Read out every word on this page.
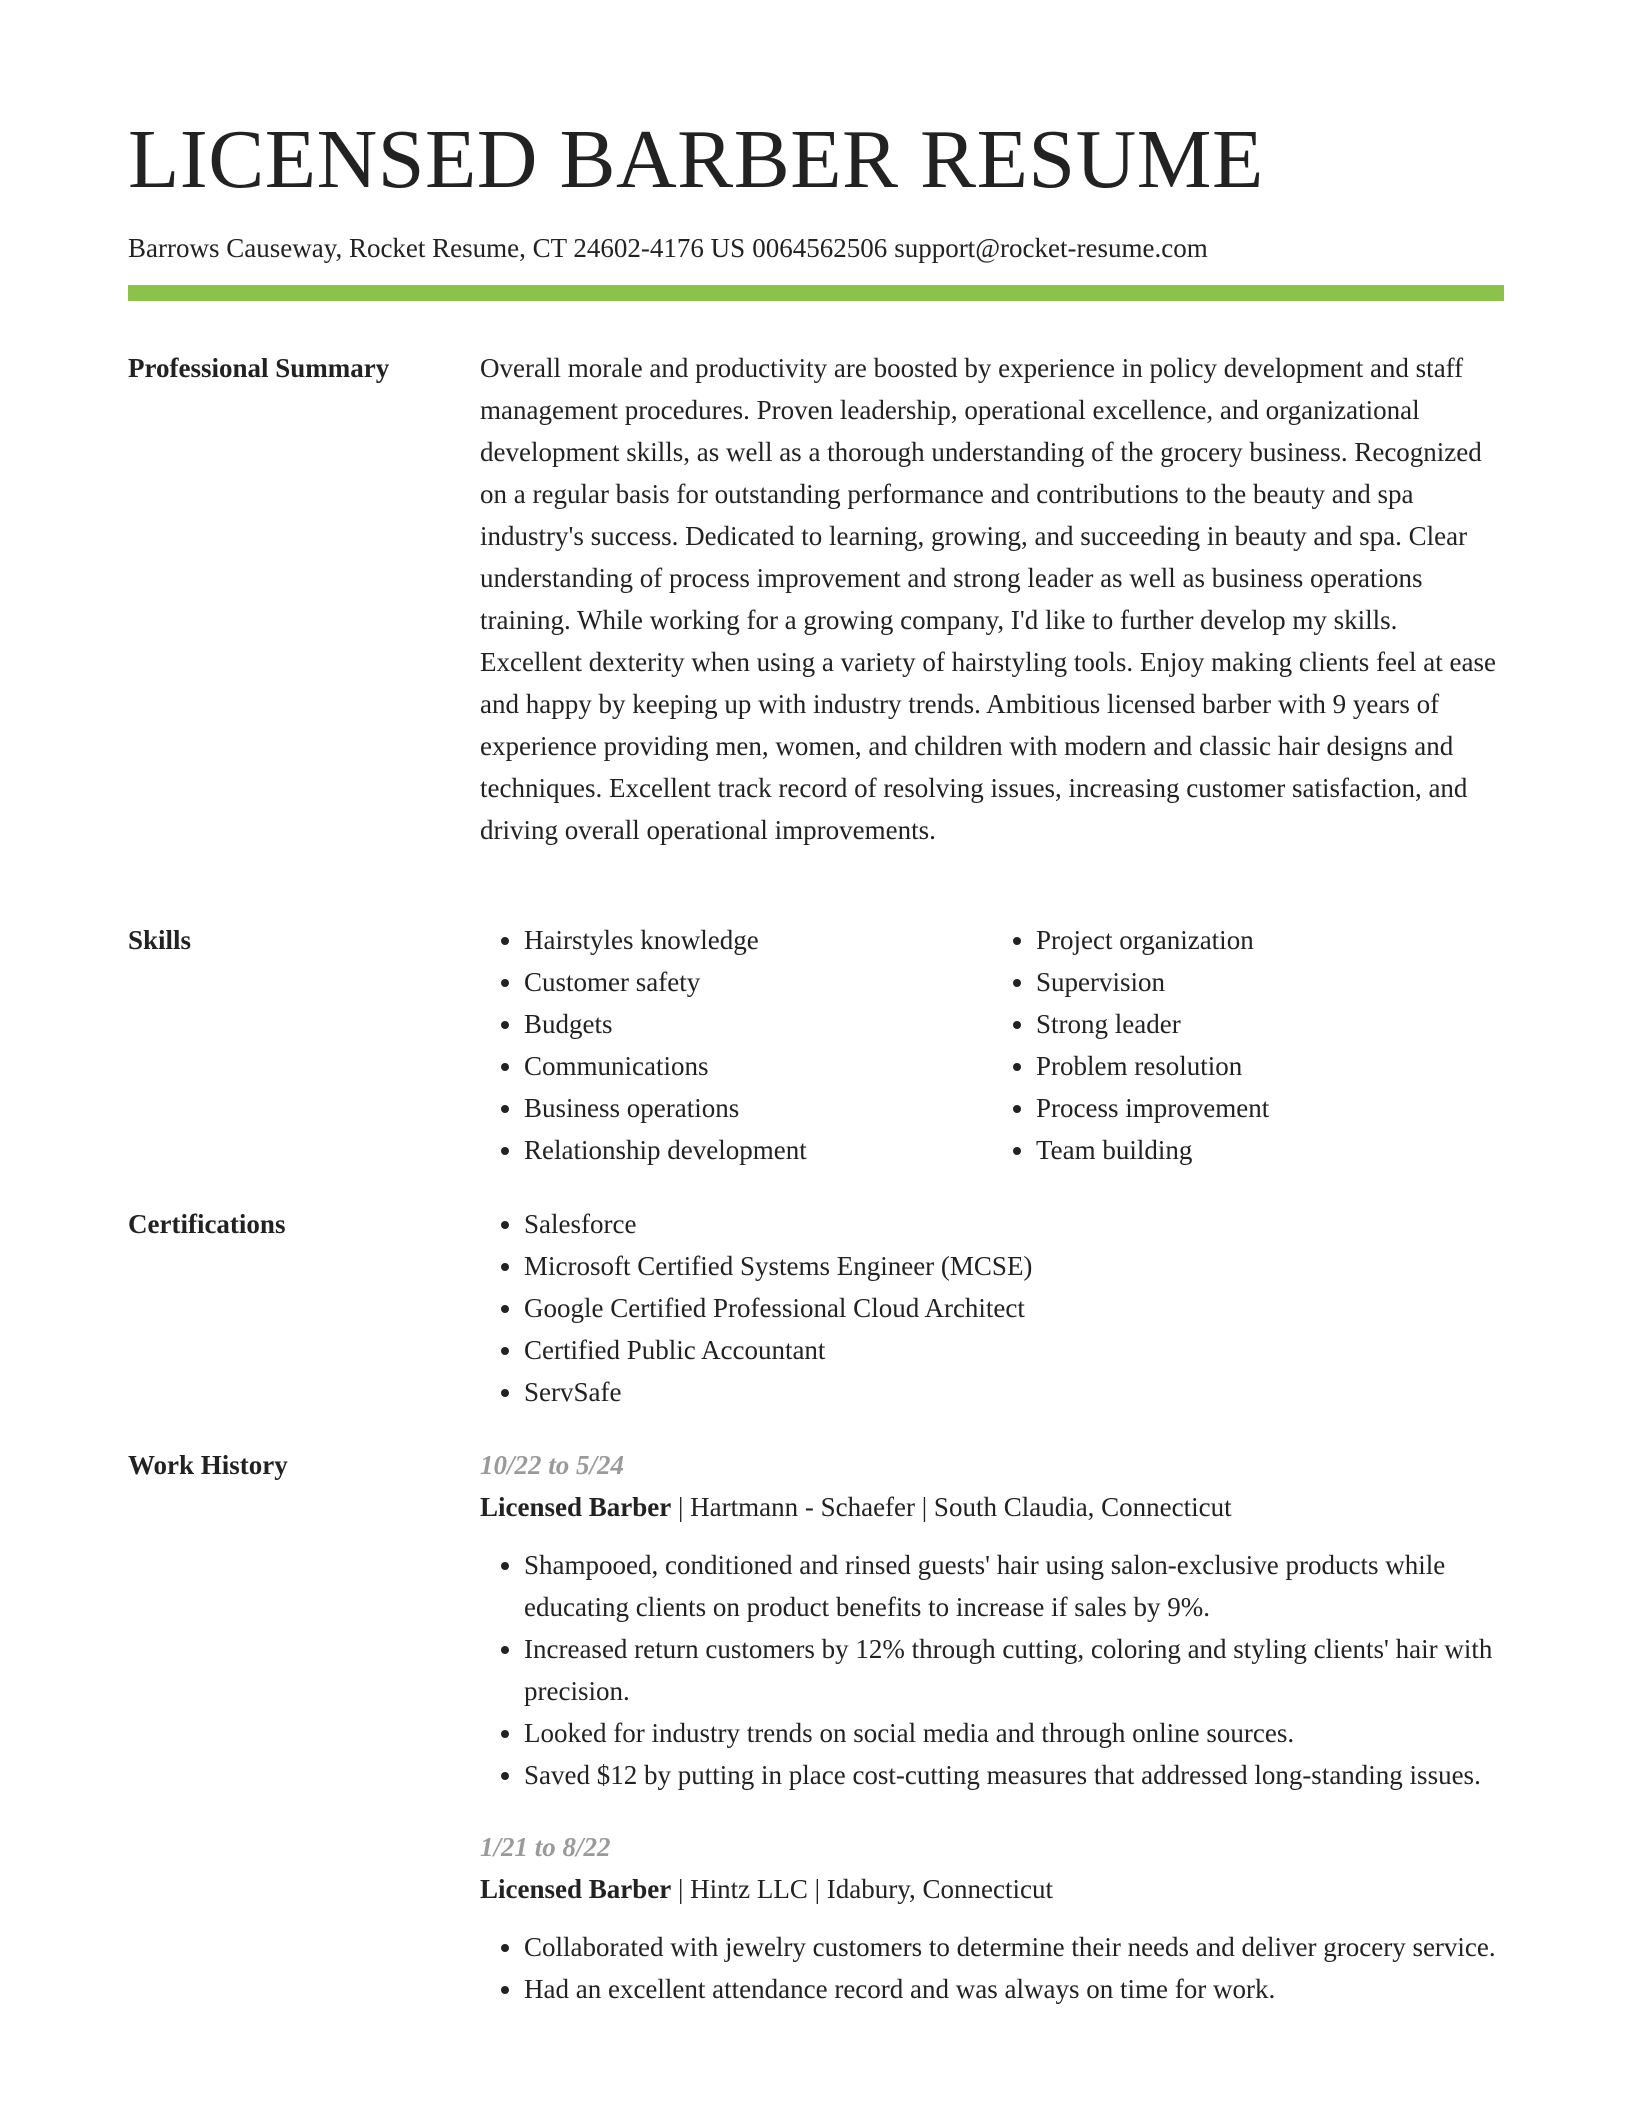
LICENSED BARBER RESUME
Barrows Causeway, Rocket Resume, CT 24602-4176 US 0064562506 support@rocket-resume.com
Professional Summary	Overall morale and productivity are boosted by experience in policy development and staff management procedures. Proven leadership, operational excellence, and organizational development skills, as well as a thorough understanding of the grocery business. Recognized on a regular basis for outstanding performance and contributions to the beauty and spa industry's success. Dedicated to learning, growing, and succeeding in beauty and spa. Clear understanding of process improvement and strong leader as well as business operations training. While working for a growing company, I'd like to further develop my skills. Excellent dexterity when using a variety of hairstyling tools. Enjoy making clients feel at ease and happy by keeping up with industry trends. Ambitious licensed barber with 9 years of experience providing men, women, and children with modern and classic hair designs and techniques. Excellent track record of resolving issues, increasing customer satisfaction, and driving overall operational improvements.

Skills	• Hairstyles knowledge
• Customer safety
• Budgets
• Communications
• Business operations
• Relationship development
• Project organization
• Supervision
• Strong leader
• Problem resolution
• Process improvement
• Team building
Certifications	• Salesforce
• Microsoft Certified Systems Engineer (MCSE)
• Google Certified Professional Cloud Architect
• Certified Public Accountant
• ServSafe
Work History	10/22 to 5/24
Licensed Barber | Hartmann - Schaefer | South Claudia, Connecticut
• Shampooed, conditioned and rinsed guests' hair using salon-exclusive products while educating clients on product benefits to increase if sales by 9%.
• Increased return customers by 12% through cutting, coloring and styling clients' hair with precision.
• Looked for industry trends on social media and through online sources.
• Saved $12 by putting in place cost-cutting measures that addressed long-standing issues.
1/21 to 8/22
Licensed Barber | Hintz LLC | Idabury, Connecticut
• Collaborated with jewelry customers to determine their needs and deliver grocery service.
• Had an excellent attendance record and was always on time for work.
